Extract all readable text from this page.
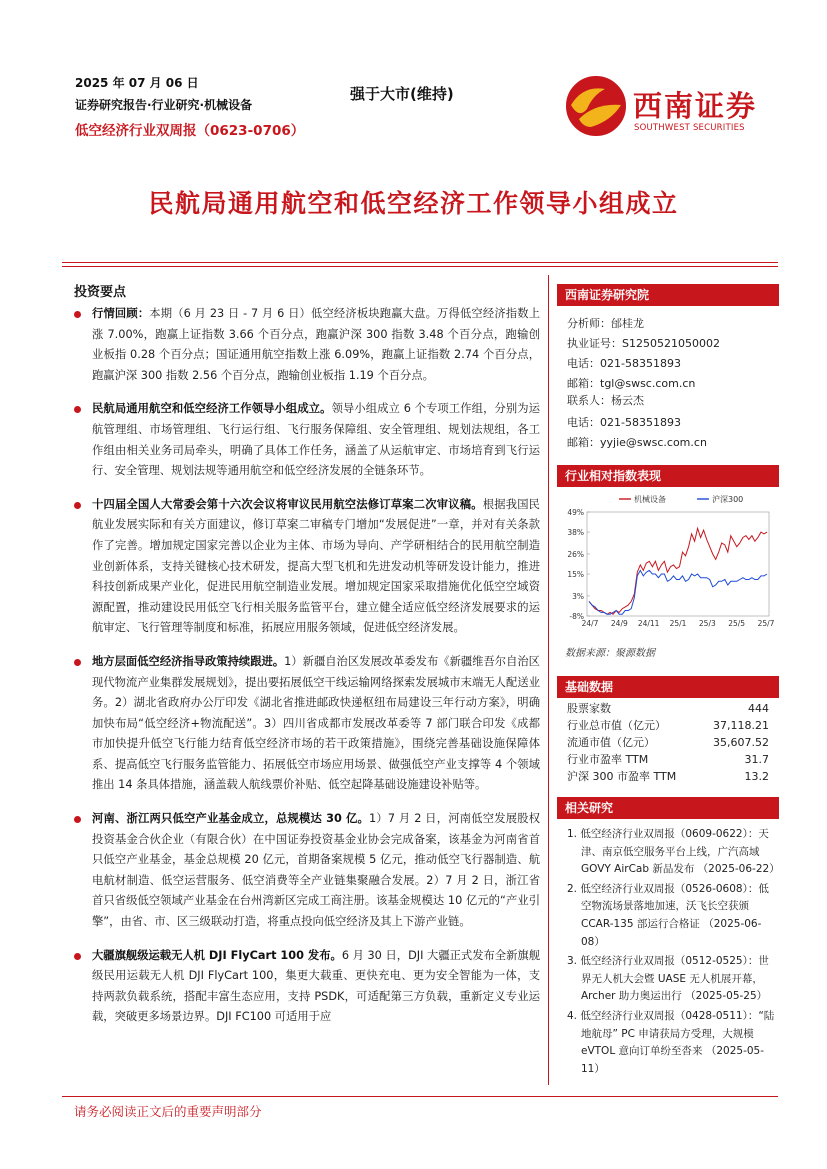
2025 年 07 月 06 日
证券研究报告·行业研究·机械设备
低空经济行业双周报（0623-0706）
强于大市(维持)	西南证券
SOUTHWEST SECURITIES
民航局通用航空和低空经济工作领导小组成立
投资要点
行情回顾：本期（6 月 23 日 - 7 月 6 日）低空经济板块跑赢大盘。万得低空经济指数上涨 7.00%，跑赢上证指数 3.66 个百分点，跑赢沪深 300 指数 3.48 个百分点，跑输创业板指 0.28 个百分点；国证通用航空指数上涨 6.09%，跑赢上证指数 2.74 个百分点，跑赢沪深 300 指数 2.56 个百分点，跑输创业板指 1.19 个百分点。
民航局通用航空和低空经济工作领导小组成立。领导小组成立 6 个专项工作组，分别为运航管理组、市场管理组、飞行运行组、飞行服务保障组、安全管理组、规划法规组，各工作组由相关业务司局牵头，明确了具体工作任务，涵盖了从运航审定、市场培育到飞行运行、安全管理、规划法规等通用航空和低空经济发展的全链条环节。
十四届全国人大常委会第十六次会议将审议民用航空法修订草案二次审议稿。根据我国民航业发展实际和有关方面建议，修订草案二审稿专门增加“发展促进”一章，并对有关条款作了完善。增加规定国家完善以企业为主体、市场为导向、产学研相结合的民用航空制造业创新体系，支持关键核心技术研发，提高大型飞机和先进发动机等研发设计能力，推进科技创新成果产业化，促进民用航空制造业发展。增加规定国家采取措施优化低空空域资源配置，推动建设民用低空飞行相关服务监管平台，建立健全适应低空经济发展要求的运航审定、飞行管理等制度和标准，拓展应用服务领域，促进低空经济发展。
地方层面低空经济指导政策持续跟进。1）新疆自治区发展改革委发布《新疆维吾尔自治区现代物流产业集群发展规划》，提出要拓展低空干线运输网络探索发展城市末端无人配送业务。2）湖北省政府办公厅印发《湖北省推进邮政快递枢纽布局建设三年行动方案》，明确加快布局“低空经济+物流配送”。3）四川省成都市发展改革委等 7 部门联合印发《成都市加快提升低空飞行能力结育低空经济市场的若干政策措施》，围绕完善基础设施保障体系、提高低空飞行服务监管能力、拓展低空市场应用场景、做强低空产业支撑等 4 个领域推出 14 条具体措施，涵盖载人航线票价补贴、低空起降基础设施建设补贴等。
河南、浙江两只低空产业基金成立，总规模达 30 亿。1）7 月 2 日，河南低空发展股权投资基金合伙企业（有限合伙）在中国证券投资基金业协会完成备案，该基金为河南省首只低空产业基金，基金总规模 20 亿元，首期备案规模 5 亿元，推动低空飞行器制造、航电航材制造、低空运营服务、低空消费等全产业链集聚融合发展。2）7 月 2 日，浙江省首只省级低空领域产业基金在台州湾新区完成工商注册。该基金规模达 10 亿元的“产业引擎”，由省、市、区三级联动打造，将重点投向低空经济及其上下游产业链。
大疆旗舰级运载无人机 DJI FlyCart 100 发布。6 月 30 日，DJI 大疆正式发布全新旗舰级民用运载无人机 DJI FlyCart 100，集更大载重、更快充电、更为安全智能为一体，支持两款负载系统，搭配丰富生态应用，支持 PSDK，可适配第三方负载，重新定义专业运载，突破更多场景边界。DJI FC100 可适用于应
西南证券研究院
分析师：邰桂龙
执业证号：S1250521050002
电话：021-58351893
邮箱：tgl@swsc.com.cn
联系人：杨云杰
电话：021-58351893
邮箱：yyjie@swsc.com.cn
行业相对指数表现
-8%
3%
15%
26%
38%
49%
24/7 24/9 24/11 25/1 25/3 25/5 25/7
机械设备	沪深300
数据来源：聚源数据
基础数据
股票家数	444
行业总市值（亿元）	37,118.21
流通市值（亿元）	35,607.52
行业市盈率 TTM	31.7
沪深 300 市盈率 TTM	13.2
相关研究
1. 低空经济行业双周报（0609-0622）：天津、南京低空服务平台上线，广汽高域 GOVY AirCab 新品发布 （2025-06-22）
2. 低空经济行业双周报（0526-0608）：低空物流场景落地加速，沃飞长空获颁 CCAR-135 部运行合格证 （2025-06-08）
3. 低空经济行业双周报（0512-0525）：世界无人机大会暨 UASE 无人机展开幕，Archer 助力奥运出行 （2025-05-25）
4. 低空经济行业双周报（0428-0511）：“陆地航母” PC 申请获局方受理，大规模 eVTOL 意向订单纷至沓来 （2025-05-11）
请务必阅读正文后的重要声明部分
